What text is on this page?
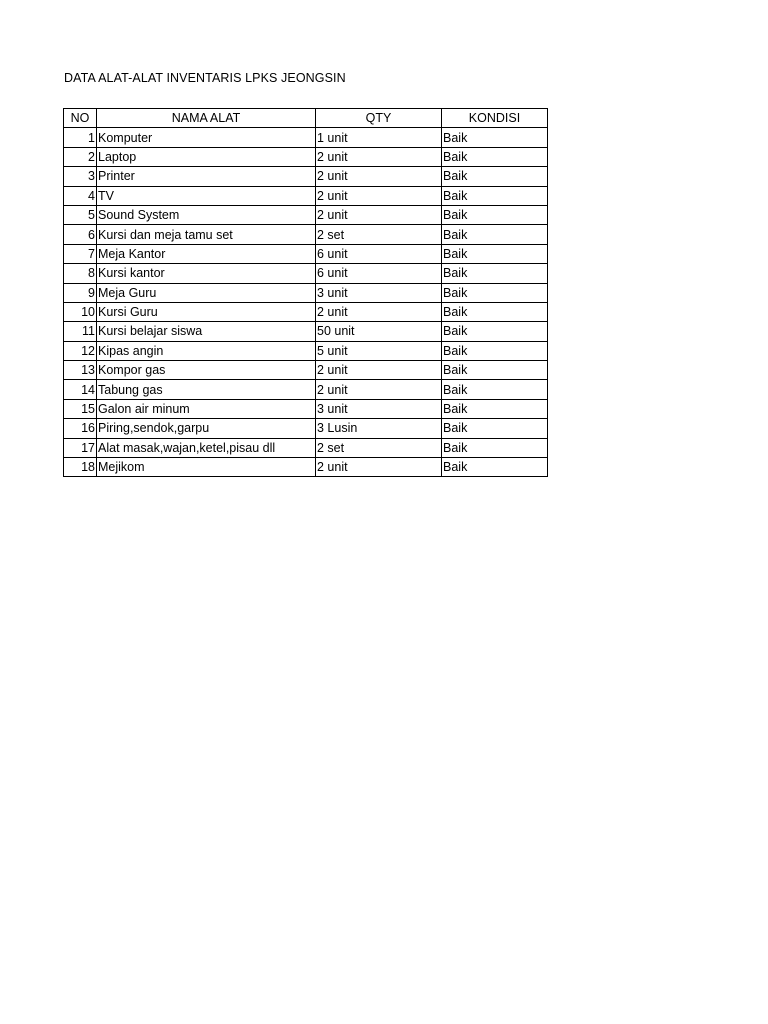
DATA ALAT-ALAT INVENTARIS LPKS JEONGSIN
NO	NAMA ALAT	QTY	KONDISI
1	Komputer	1 unit	Baik
2	Laptop	2 unit	Baik
3	Printer	2 unit	Baik
4	TV	2 unit	Baik
5	Sound System	2 unit	Baik
6	Kursi dan meja tamu set	2 set	Baik
7	Meja Kantor	6 unit	Baik
8	Kursi kantor	6 unit	Baik
9	Meja Guru	3 unit	Baik
10	Kursi Guru	2 unit	Baik
11	Kursi belajar siswa	50 unit	Baik
12	Kipas angin	5 unit	Baik
13	Kompor gas	2 unit	Baik
14	Tabung gas	2 unit	Baik
15	Galon air minum	3 unit	Baik
16	Piring,sendok,garpu	3 Lusin	Baik
17	Alat masak,wajan,ketel,pisau dll	2 set	Baik
18	Mejikom	2 unit	Baik
